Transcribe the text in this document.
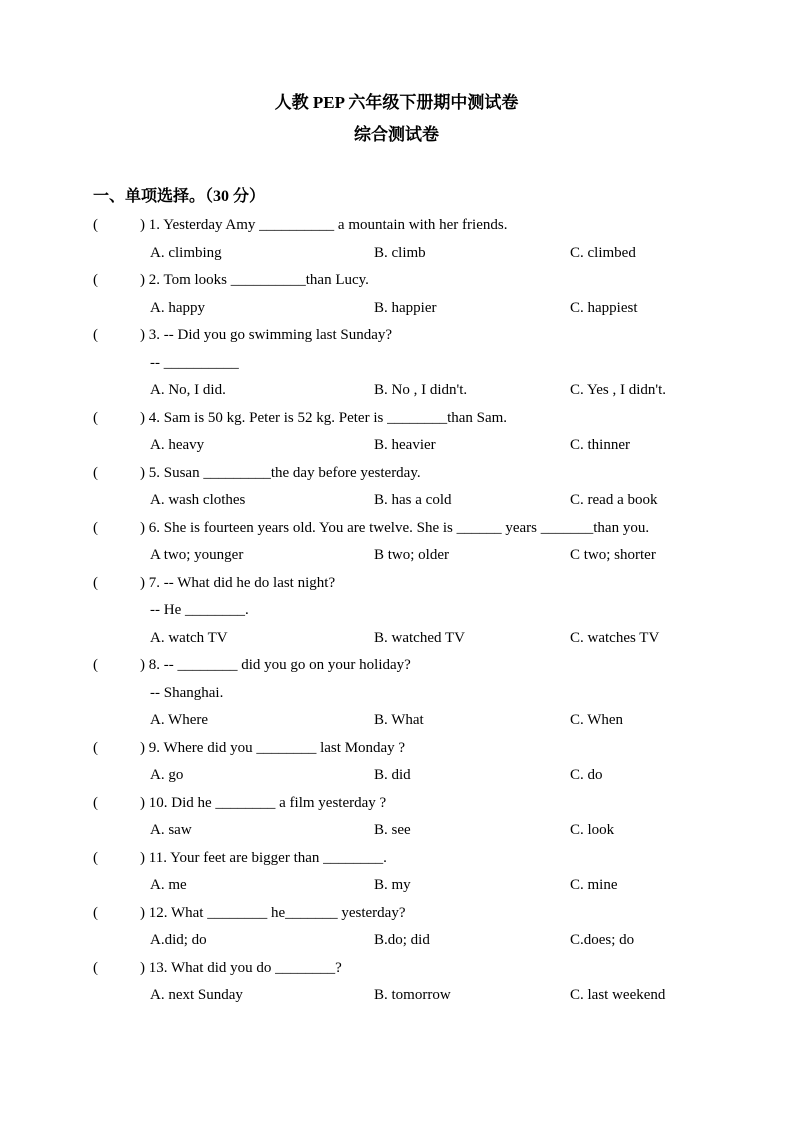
人教 PEP 六年级下册期中测试卷
综合测试卷
一、单项选择。（30 分）
(	) 1. Yesterday Amy __________ a mountain with her friends.
A. climbing	B. climb	C. climbed
(	) 2. Tom looks __________than Lucy.
A. happy	B. happier	C. happiest
(	) 3. -- Did you go swimming last Sunday?
-- __________
A. No, I did.	B. No , I didn't.	C. Yes , I didn't.
(	) 4. Sam is 50 kg. Peter is 52 kg. Peter is ________than Sam.
A. heavy	B. heavier	C. thinner
(	) 5. Susan _________the day before yesterday.
A. wash clothes	B. has a cold	C. read a book
(	) 6. She is fourteen years old. You are twelve. She is ______ years _______than you.
A two; younger	B two; older	C two; shorter
(	) 7. -- What did he do last night?
-- He ________.
A. watch TV	B. watched TV	C. watches TV
(	) 8. -- ________ did you go on your holiday?
-- Shanghai.
A. Where	B. What	C. When
(	) 9. Where did you ________ last Monday ?
A. go	B. did	C. do
(	) 10. Did he ________ a film yesterday ?
A. saw	B. see	C. look
(	) 11. Your feet are bigger than ________.
A. me	B. my	C. mine
(	) 12. What ________ he_______ yesterday?
A.did; do	B.do; did	C.does; do
(	) 13. What did you do ________?
A. next Sunday	B. tomorrow	C. last weekend
